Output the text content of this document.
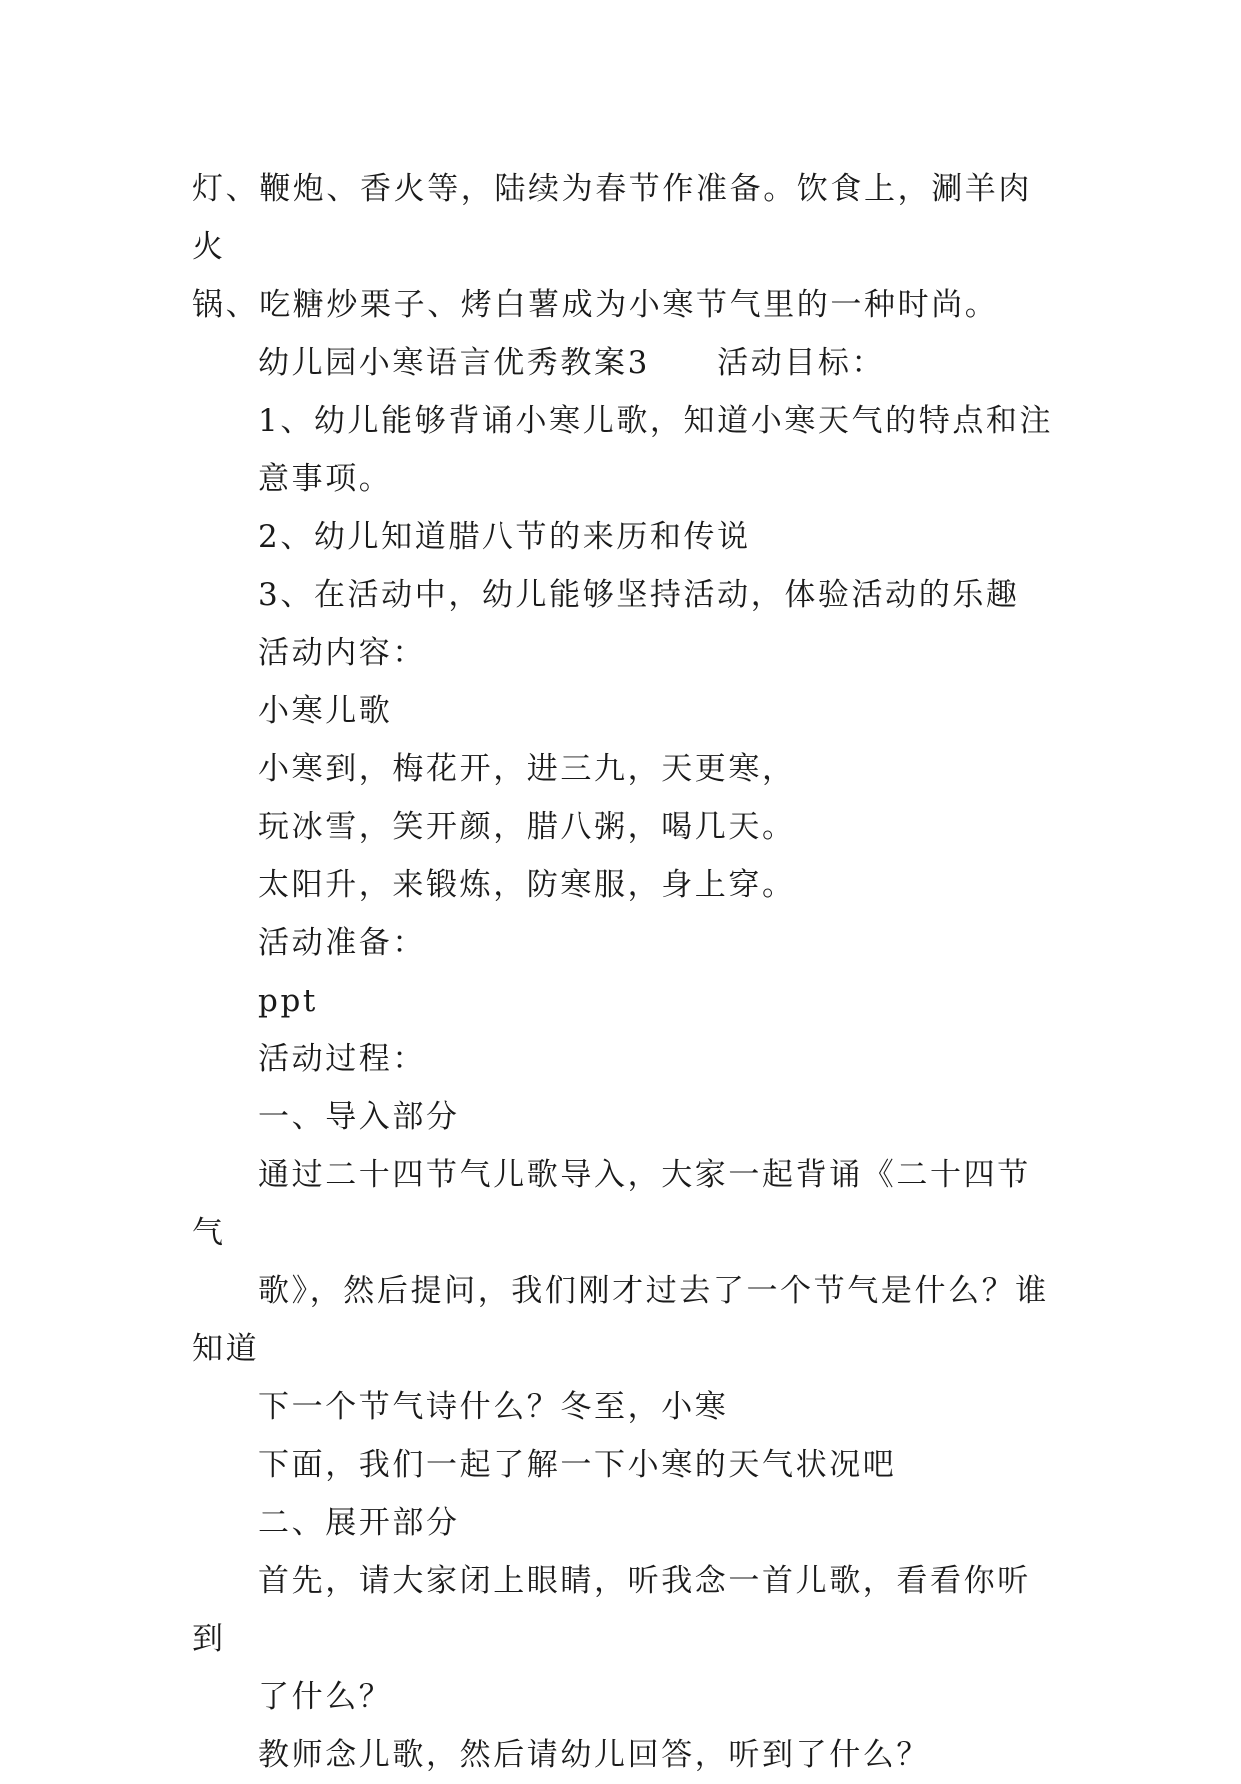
灯、鞭炮、香火等，陆续为春节作准备。饮食上，涮羊肉火
锅、吃糖炒栗子、烤白薯成为小寒节气里的一种时尚。

幼儿园小寒语言优秀教案3　　活动目标：

1、幼儿能够背诵小寒儿歌，知道小寒天气的特点和注
意事项。

2、幼儿知道腊八节的来历和传说

3、在活动中，幼儿能够坚持活动，体验活动的乐趣

活动内容：

小寒儿歌

小寒到，梅花开，进三九，天更寒，

玩冰雪，笑开颜，腊八粥，喝几天。

太阳升，来锻炼，防寒服，身上穿。

活动准备：

ppt

活动过程：

一、导入部分

通过二十四节气儿歌导入，大家一起背诵《二十四节气
歌》，然后提问，我们刚才过去了一个节气是什么？谁知道
下一个节气诗什么？冬至，小寒

下面，我们一起了解一下小寒的天气状况吧

二、展开部分

首先，请大家闭上眼睛，听我念一首儿歌，看看你听到
了什么？

教师念儿歌，然后请幼儿回答，听到了什么？
